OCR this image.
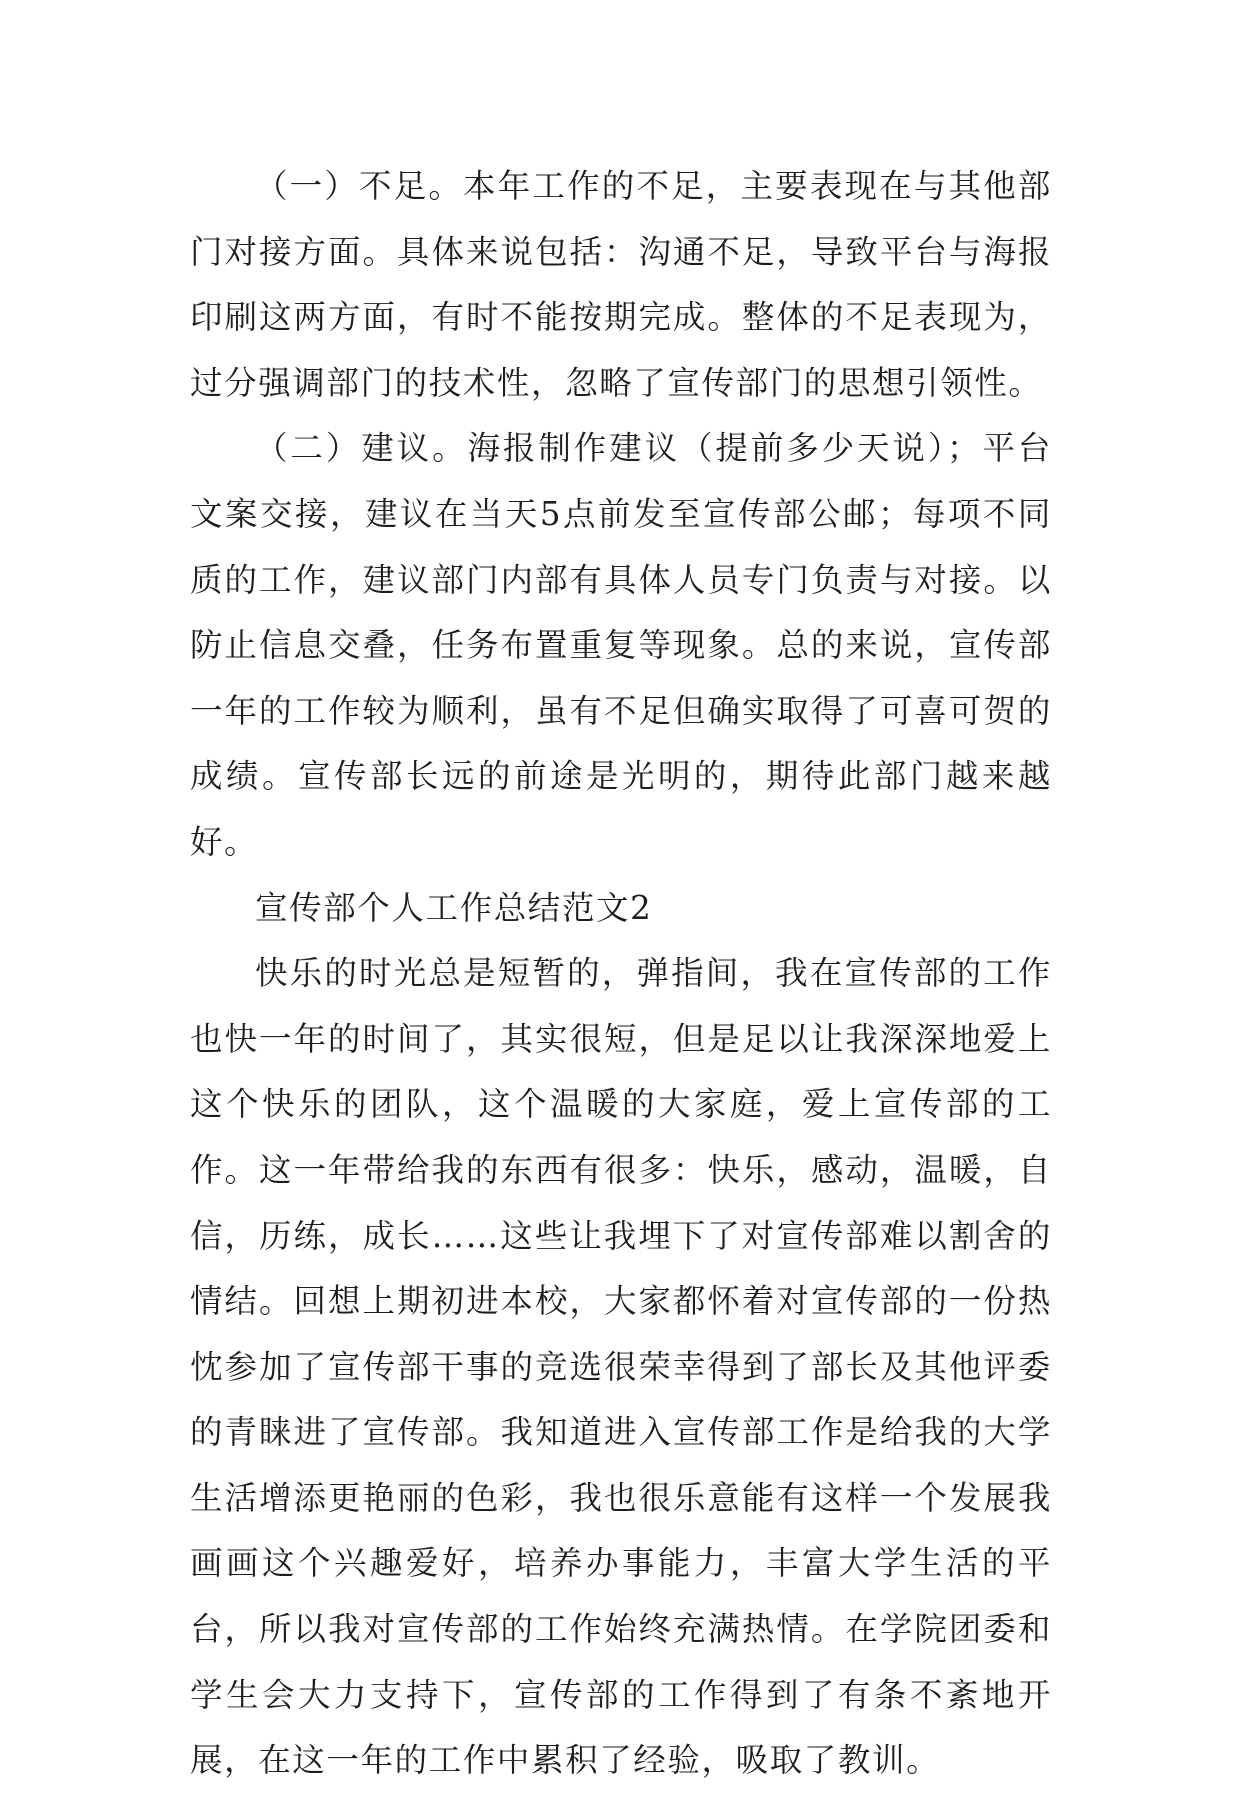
（一）不足。本年工作的不足，主要表现在与其他部门对接方面。具体来说包括：沟通不足，导致平台与海报印刷这两方面，有时不能按期完成。整体的不足表现为，过分强调部门的技术性，忽略了宣传部门的思想引领性。

（二）建议。海报制作建议（提前多少天说）；平台文案交接，建议在当天5点前发至宣传部公邮；每项不同质的工作，建议部门内部有具体人员专门负责与对接。以防止信息交叠，任务布置重复等现象。总的来说，宣传部一年的工作较为顺利，虽有不足但确实取得了可喜可贺的成绩。宣传部长远的前途是光明的，期待此部门越来越好。

宣传部个人工作总结范文2

快乐的时光总是短暂的，弹指间，我在宣传部的工作也快一年的时间了，其实很短，但是足以让我深深地爱上这个快乐的团队，这个温暖的大家庭，爱上宣传部的工作。这一年带给我的东西有很多：快乐，感动，温暖，自信，历练，成长……这些让我埋下了对宣传部难以割舍的情结。回想上期初进本校，大家都怀着对宣传部的一份热忱参加了宣传部干事的竞选很荣幸得到了部长及其他评委的青睐进了宣传部。我知道进入宣传部工作是给我的大学生活增添更艳丽的色彩，我也很乐意能有这样一个发展我画画这个兴趣爱好，培养办事能力，丰富大学生活的平台，所以我对宣传部的工作始终充满热情。在学院团委和学生会大力支持下，宣传部的工作得到了有条不紊地开展，在这一年的工作中累积了经验，吸取了教训。
